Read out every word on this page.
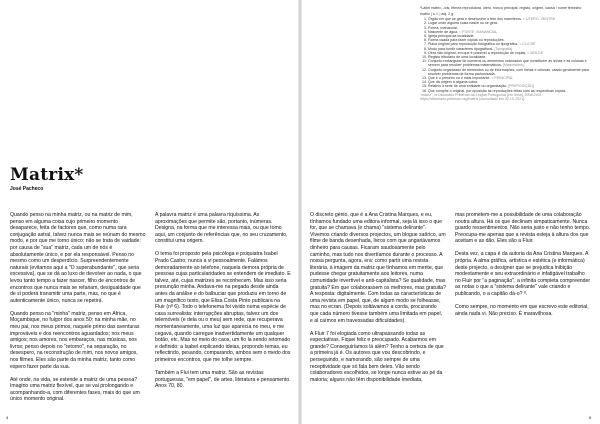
*Latim matrix, -icis, fêmea reprodutora, útero, tronco principal, registo, origem, causa / nome feminino

matriz | s. f. | adj. 2 g.

1. Órgão em que se gera e desenvolve o feto dos mamíferos. = ÚTERO, VENTRE
2. Lugar onde alguma coisa nasce ou se gera.
3. Forma, manancial.
4. Nascente de água. = FONTE, MANANCIAL
5. Igreja principal da localidade.
6. Forma usada para fazer cópias ou reproduções.
7. Placa original para reprodução fotográfica ou tipográfica. = CLICHÉ
8. Modo para fundir caracteres tipográficos. [Tipografia]
9. Obra não original, em que é possível a reprodução de cópias. = MOLDE
10. Registo tributário de uma localidade.
11. Conjunto rectangular de números ou elementos ordenados que constituem as linhas e as colunas e servem para resolver problemas matemáticos. [Matemática]
12. Conjunto organizado de elementos ou de informações, com linhas e colunas, usado geralmente para resolver problemas de forma padronizada.
13. Que é o primeiro ou o mais importante. = PRINCIPAL
14. Que dá origem a alguma coisa.
15. Relativo à sede de uma entidade ou organização. [PREPOSIÇÃO]
16. Que compõe o original, por oposição às reproduções feitas com as respectivas cópias.

"matriz", in Dicionário Priberam da Língua Portuguesa [em linha], 2008-2021, https://dicionario.priberam.org/matriz [consultado em 02-10-2021].

Matrix*

José Pacheco

Quando penso na minha matriz, ou na matriz de mim, penso em alguma coisa cujo primeiro momento desaparece, feita de factores que, como numa rara conjugação astral, talvez nunca mais se reúnam do mesmo modo, e por que me torno único; não se trata de vaidade: por causa de "sua" matriz, cada um de nós é absolutamente único, e por ela responsável. Penso no mesmo como um desperdício. Surpreendentemente naturais (evitamos aqui a "O superabundante", que seria excessiva), que se dá ao luxo de devolver ao nada, o que levou tanto tempo a fazer nascer, filho de encontros de encontros que nunca mais se refariam, desigualdade que de si poderá transmitir uma parte, mas, no que é autenticamente único, nunca se repetirá.

Quando penso na "minha" matriz, penso em África, Moçambique, no fulgor dos anos 50; na minha mãe, no meu pai, nos meus primos, naquele primo das aventuras improváveis e dos reencontros aguardados; nos meus amigos; nos amores, nos embaraços, nas músicas, nos livros; penso depois no "retorno", na separação, no desespero, na reconstrução de mim, nos novos amigos, nos filmes. Eles são parte da minha matriz, tanto como espero fazer parte da sua.

Até onde, na vida, se estende a matriz de uma pessoa? Imagino uma matriz flexível, que se vai prolongando e acompanhando-a, com diferentes fases, mais do que um único momento original.

A palavra matriz é uma palavra riquíssima. As aproximações que permite são, portanto, inúmeras. Designa, na forma que me interessa mais, ou que tomo aqui, um conjunto de referências que, no seu cruzamento, constitui uma origem.

O tema foi proposto pela psicóloga e psiquiatra Isabel Prado Castro; nunca a vi pessoalmente. Falámos demoradamente ao telefone, naquela demora própria de pessoas cujas particularidades se entendem de imediato. E talvez, até, cujas matrizes se reconhecem. Mas isso seria presunção minha. Andava-me na pegada desde ainda antes da análise e do balbuciar que produziu em torno de um magnífico texto, que Elisa Costa Pinto publicara na Fluir (nº 6). Todo o telefonema foi vivido numa espécie de casa surrealista: interrupções abruptas, talvez um dos telemóveis (e dela ou o meu) sem rede, que recuperava momentaneamente, uma luz que aparecia no meu, e me cegava, quando carregue inadvertidamente um qualquer botão, etc. Mas no meio do caos, um fio la sendo retomado e definido: a Isabel explicando ideias, propondo temas, eu reflectindo, pesando, comparando, ambos sem o medo dos primeiros encontros, que me tolhe sempre.

Também a Flui tem uma matriz. São as revistas portuguesas, "em papel", de artes, literatura e pensamento. Anos 70, 80.

O discreto génio, que é a Ana Cristina Marques, e eu, tínhamos fundado uma editora informal, seja lá isso o que for, que se chamava (e chama) "sistema delirante". Vivemos criando diversos projectos, um blogue satírico, um filme de banda desenhada, livros com que angariávamos dinheiro para causas. Ficaram saudosamente pelo caminho, mas tudo nos divertíamos durante o processo. A nossa pergunta, agora, era: como partir uma revista literária, à imagem da matriz que tínhamos em mente, que pudesse chegar gratuitamente aos leitores, numa comunidade invertível e anti-capitalista? Se qualidade, mas gratuita? Em que colaborassem os melhores, mas gratuita? A resposta: digitalmente. Com todas as características de uma revista em papel, que, de algum modo se folheasse, mas no ecran. (Depois soltávamos a corda, procurando que cada número tivesse também uma limitada em papel, e al caímos em travessadas dificuldades).

A Fluir 7 foi elogiada como ultrapassando todas as expectativas. Fiquei feliz e preocupado. Acabarmos em grande? Conseguiríamos lá além? Tenho a certeza de que a primeira já é. Os autores que vou descobrindo, e perseguindo, e namorando, são sempre de uma receptividade que só fala bem deles. Vão sendo colaboradores escolhidos, se longe nunca estive ao pé da maioria; alguns não têm disponibilidade imediata,

mas prometem-me a possibilidade de uma colaboração noutra altura. Há os que declinam simpaticamente. Nunca guardo ressentimentos. Não seria justo e não tenho tempo. Preocupa-me apenas que a revista esteja à altura dos que aceitam e as dão. Eles são a Fluir.

Desta vez, a capa é da autoria da Ana Cristina Marques. A própria. A alma gráfica, artística e estética (e informática) deste projecto, a designer que se prejudica inibição modestamente e seu extraordinário e infatigável trabalho no Fluir por "a paginação", a infinita completa compreender as notas o que a "sistema delirante" vale criando e publicando, o a capitão dá-o? ⁸.

Como sempre, no momento em que escrevo este editorial, ainda nada vi. Não preciso. É maravilhosa.

4	5
